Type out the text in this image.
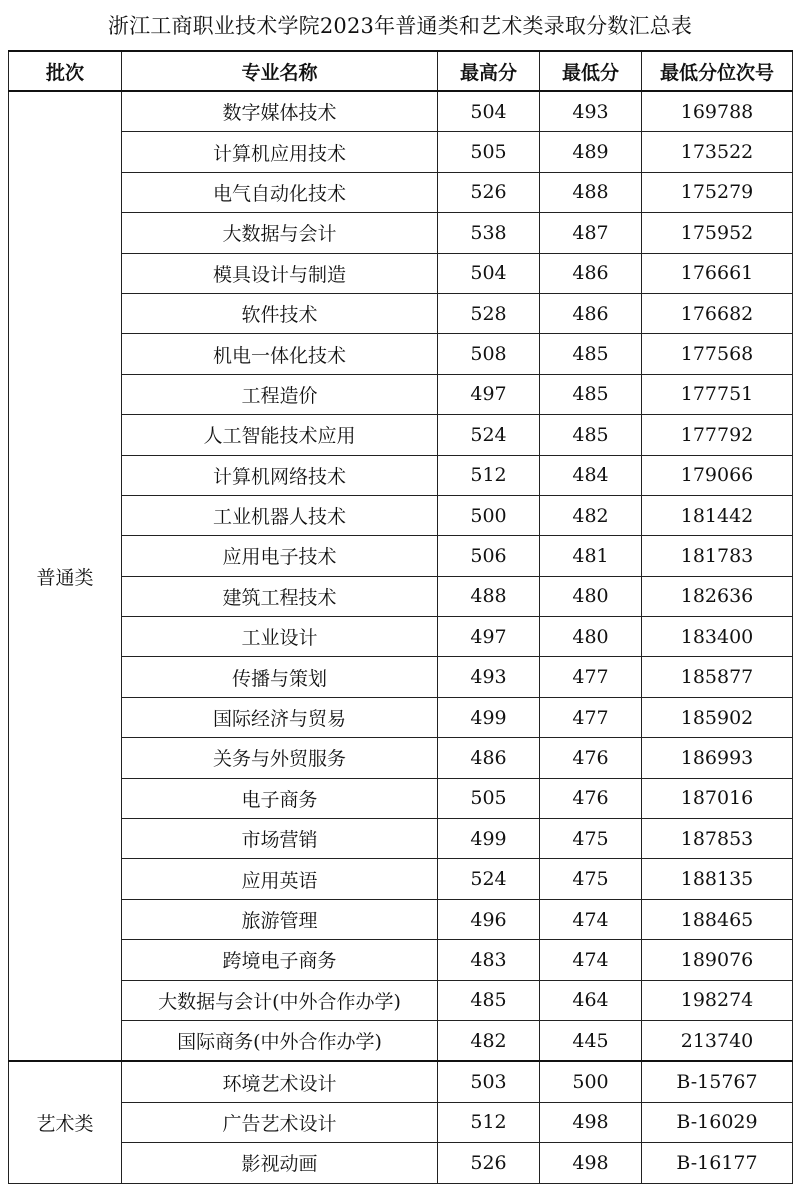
浙江工商职业技术学院2023年普通类和艺术类录取分数汇总表
批次	专业名称	最高分	最低分	最低分位次号
普通类	数字媒体技术	504	493	169788
	计算机应用技术	505	489	173522
	电气自动化技术	526	488	175279
	大数据与会计	538	487	175952
	模具设计与制造	504	486	176661
	软件技术	528	486	176682
	机电一体化技术	508	485	177568
	工程造价	497	485	177751
	人工智能技术应用	524	485	177792
	计算机网络技术	512	484	179066
	工业机器人技术	500	482	181442
	应用电子技术	506	481	181783
	建筑工程技术	488	480	182636
	工业设计	497	480	183400
	传播与策划	493	477	185877
	国际经济与贸易	499	477	185902
	关务与外贸服务	486	476	186993
	电子商务	505	476	187016
	市场营销	499	475	187853
	应用英语	524	475	188135
	旅游管理	496	474	188465
	跨境电子商务	483	474	189076
	大数据与会计(中外合作办学)	485	464	198274
	国际商务(中外合作办学)	482	445	213740
艺术类	环境艺术设计	503	500	B-15767
	广告艺术设计	512	498	B-16029
	影视动画	526	498	B-16177
